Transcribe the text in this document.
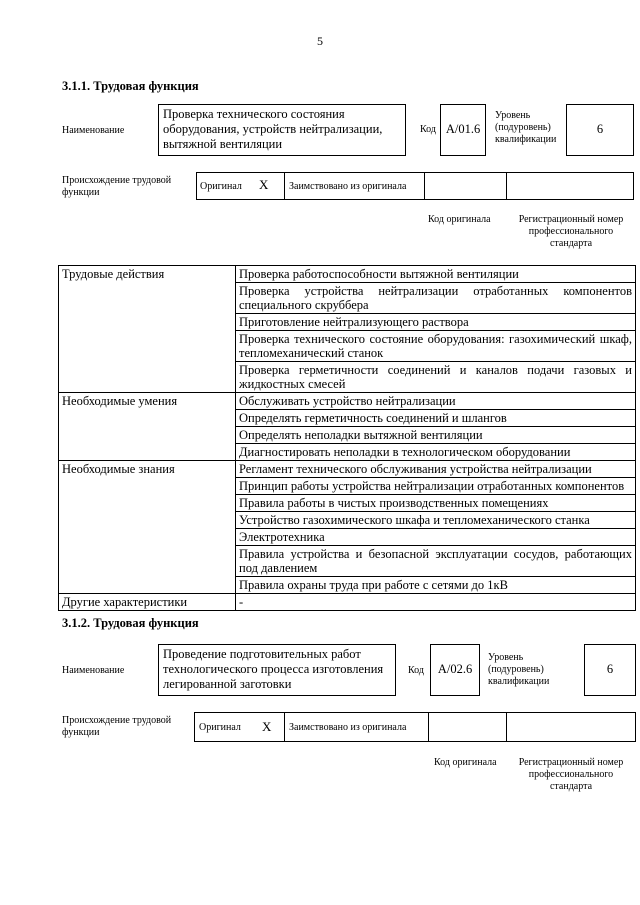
5
3.1.1. Трудовая функция
Наименование
Проверка технического состояния оборудования, устройств нейтрализации, вытяжной вентиляции
Код A/01.6
Уровень
(подуровень)
квалификации
6
Происхождение трудовой функции
Оригинал X Заимствовано из оригинала
Код оригинала	Регистрационный номер профессионального стандарта
Трудовые действия	Проверка работоспособности вытяжной вентиляции
	Проверка устройства нейтрализации отработанных компонентов специального скруббера
	Приготовление нейтрализующего раствора
	Проверка технического состояние оборудования: газохимический шкаф, тепломеханический станок
	Проверка герметичности соединений и каналов подачи газовых и жидкостных смесей
Необходимые умения	Обслуживать устройство нейтрализации
	Определять герметичность соединений и шлангов
	Определять неполадки вытяжной вентиляции
	Диагностировать неполадки в технологическом оборудовании
Необходимые знания	Регламент технического обслуживания устройства нейтрализации
	Принцип работы устройства нейтрализации отработанных компонентов
	Правила работы в чистых производственных помещениях
	Устройство газохимического шкафа и тепломеханического станка
	Электротехника
	Правила устройства и безопасной эксплуатации сосудов, работающих под давлением
	Правила охраны труда при работе с сетями до 1кВ
Другие характеристики	-
3.1.2. Трудовая функция
Наименование
Проведение подготовительных работ технологического процесса изготовления легированной заготовки
Код	A/02.6
Уровень
(подуровень)
квалификации
6
Происхождение трудовой функции	Оригинал X Заимствовано из оригинала
Код оригинала	Регистрационный номер профессионального стандарта
